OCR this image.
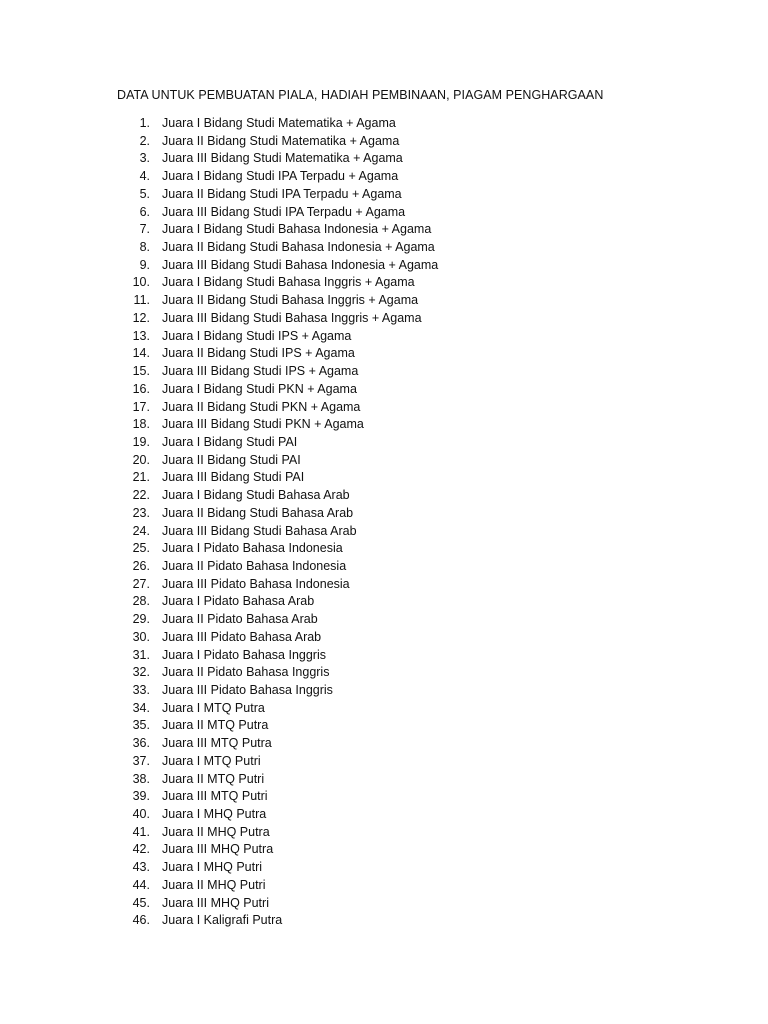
DATA UNTUK PEMBUATAN PIALA, HADIAH PEMBINAAN, PIAGAM PENGHARGAAN
1. Juara I Bidang Studi Matematika + Agama
2. Juara II Bidang Studi Matematika + Agama
3. Juara III Bidang Studi Matematika + Agama
4. Juara I Bidang Studi IPA Terpadu + Agama
5. Juara II Bidang Studi IPA Terpadu + Agama
6. Juara III Bidang Studi IPA Terpadu + Agama
7. Juara I Bidang Studi Bahasa Indonesia + Agama
8. Juara II Bidang Studi Bahasa Indonesia + Agama
9. Juara III Bidang Studi Bahasa Indonesia + Agama
10. Juara I Bidang Studi Bahasa Inggris + Agama
11. Juara II Bidang Studi Bahasa Inggris + Agama
12. Juara III Bidang Studi Bahasa Inggris + Agama
13. Juara I Bidang Studi IPS + Agama
14. Juara II Bidang Studi IPS + Agama
15. Juara III Bidang Studi IPS + Agama
16. Juara I Bidang Studi PKN + Agama
17. Juara II Bidang Studi PKN + Agama
18. Juara III Bidang Studi PKN + Agama
19. Juara I Bidang Studi PAI
20. Juara II Bidang Studi PAI
21. Juara III Bidang Studi PAI
22. Juara I Bidang Studi Bahasa Arab
23. Juara II Bidang Studi Bahasa Arab
24. Juara III Bidang Studi Bahasa Arab
25. Juara I Pidato Bahasa Indonesia
26. Juara II Pidato Bahasa Indonesia
27. Juara III Pidato Bahasa Indonesia
28. Juara I Pidato Bahasa Arab
29. Juara II Pidato Bahasa Arab
30. Juara III Pidato Bahasa Arab
31. Juara I Pidato Bahasa Inggris
32. Juara II Pidato Bahasa Inggris
33. Juara III Pidato Bahasa Inggris
34. Juara I MTQ Putra
35. Juara II MTQ Putra
36. Juara III MTQ Putra
37. Juara I MTQ Putri
38. Juara II MTQ Putri
39. Juara III MTQ Putri
40. Juara I MHQ Putra
41. Juara II MHQ Putra
42. Juara III MHQ Putra
43. Juara I MHQ Putri
44. Juara II MHQ Putri
45. Juara III MHQ Putri
46. Juara I Kaligrafi Putra
